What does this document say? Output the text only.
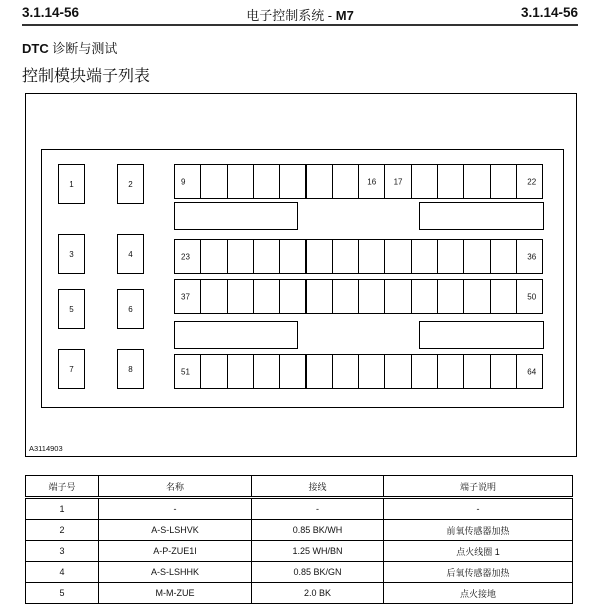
3.1.14-56	电子控制系统 - M7	3.1.14-56
DTC 诊断与测试
控制模块端子列表
1	2
3	4
5	6
7	8
9	16	17	22
23	36
37	50
51	64
A3114903
端子号	名称	接线	端子说明
1	-	-	-
2	A-S-LSHVK	0.85 BK/WH	前氧传感器加热
3	A-P-ZUE1I	1.25 WH/BN	点火线圈 1
4	A-S-LSHHK	0.85 BK/GN	后氧传感器加热
5	M-M-ZUE	2.0 BK	点火接地
